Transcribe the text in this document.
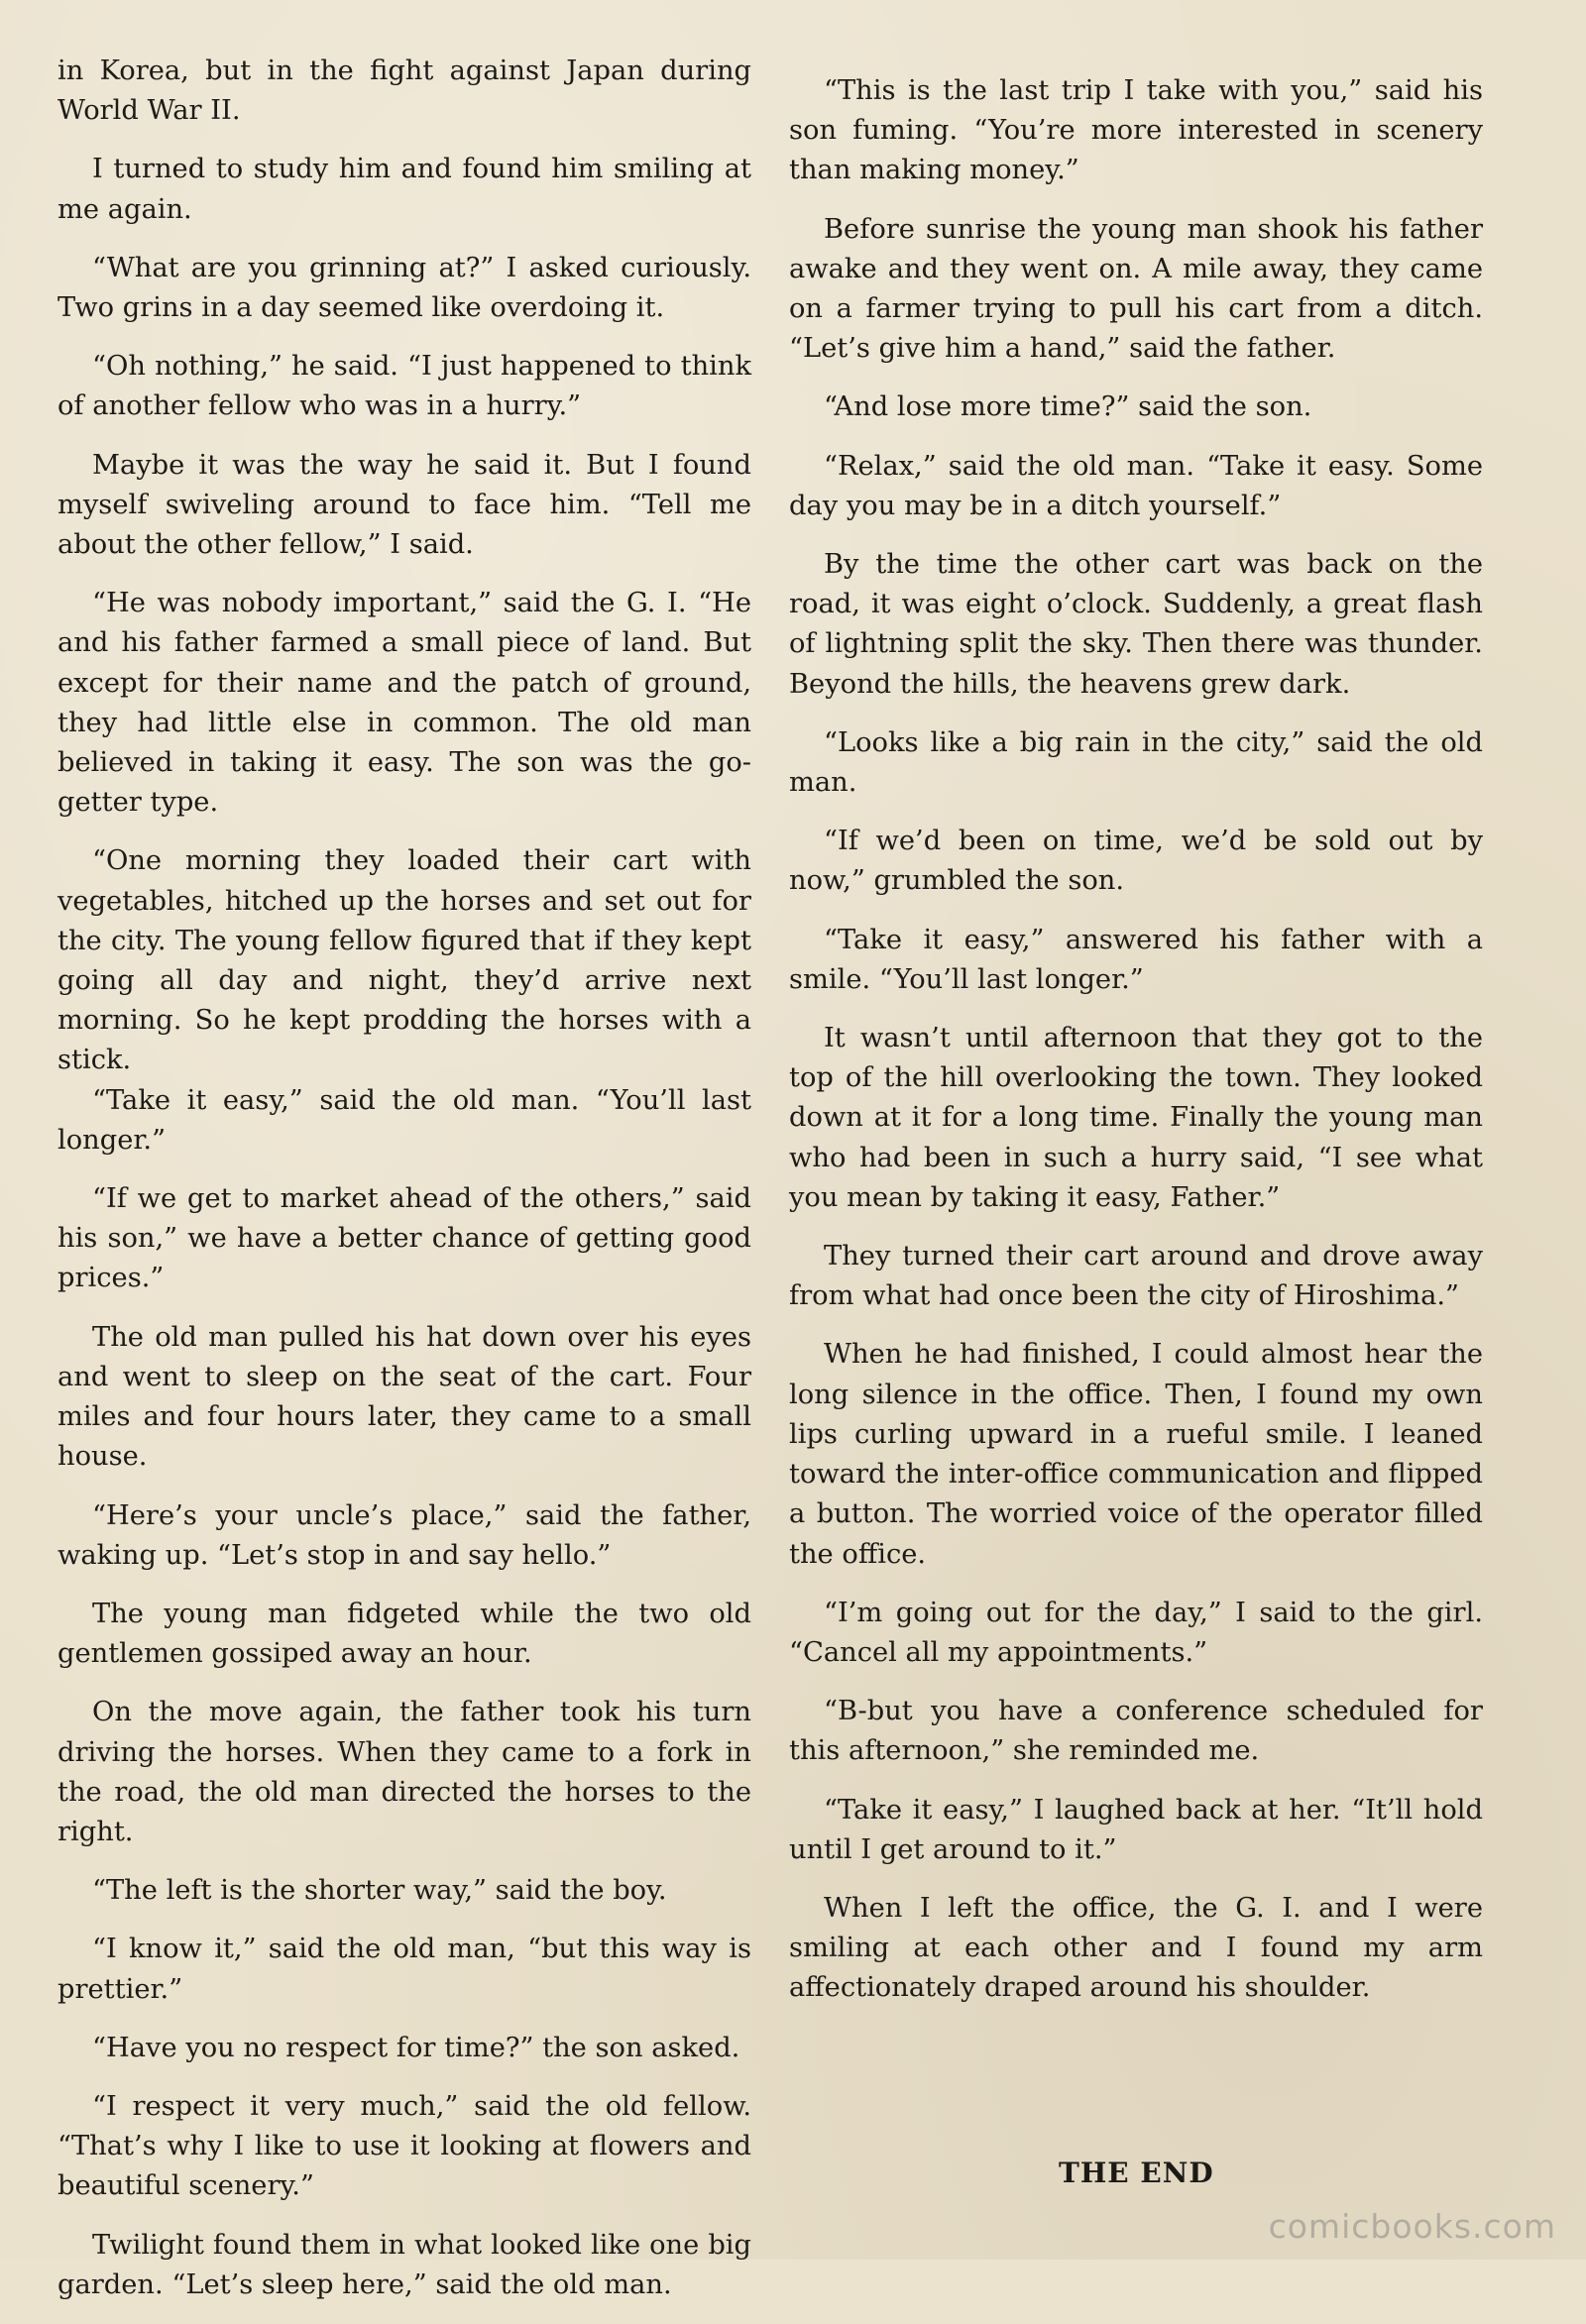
in Korea, but in the fight against Japan during World War II.

I turned to study him and found him smiling at me again.

“What are you grinning at?” I asked curiously. Two grins in a day seemed like overdoing it.

“Oh nothing,” he said. “I just happened to think of another fellow who was in a hurry.”

Maybe it was the way he said it. But I found myself swiveling around to face him. “Tell me about the other fellow,” I said.

“He was nobody important,” said the G. I. “He and his father farmed a small piece of land. But except for their name and the patch of ground, they had little else in common. The old man believed in taking it easy. The son was the go-getter type.

“One morning they loaded their cart with vegetables, hitched up the horses and set out for the city. The young fellow figured that if they kept going all day and night, they’d arrive next morning. So he kept prodding the horses with a stick.

“Take it easy,” said the old man. “You’ll last longer.”

“If we get to market ahead of the others,” said his son,” we have a better chance of getting good prices.”

The old man pulled his hat down over his eyes and went to sleep on the seat of the cart. Four miles and four hours later, they came to a small house.

“Here’s your uncle’s place,” said the father, waking up. “Let’s stop in and say hello.”

The young man fidgeted while the two old gentlemen gossiped away an hour.

On the move again, the father took his turn driving the horses. When they came to a fork in the road, the old man directed the horses to the right.

“The left is the shorter way,” said the boy.

“I know it,” said the old man, “but this way is prettier.”

“Have you no respect for time?” the son asked.

“I respect it very much,” said the old fellow. “That’s why I like to use it looking at flowers and beautiful scenery.”

Twilight found them in what looked like one big garden. “Let’s sleep here,” said the old man.

“This is the last trip I take with you,” said his son fuming. “You’re more interested in scenery than making money.”

Before sunrise the young man shook his father awake and they went on. A mile away, they came on a farmer trying to pull his cart from a ditch. “Let’s give him a hand,” said the father.

“And lose more time?” said the son.

“Relax,” said the old man. “Take it easy. Some day you may be in a ditch yourself.”

By the time the other cart was back on the road, it was eight o’clock. Suddenly, a great flash of lightning split the sky. Then there was thunder. Beyond the hills, the heavens grew dark.

“Looks like a big rain in the city,” said the old man.

“If we’d been on time, we’d be sold out by now,” grumbled the son.

“Take it easy,” answered his father with a smile. “You’ll last longer.”

It wasn’t until afternoon that they got to the top of the hill overlooking the town. They looked down at it for a long time. Finally the young man who had been in such a hurry said, “I see what you mean by taking it easy, Father.”

They turned their cart around and drove away from what had once been the city of Hiroshima.”

When he had finished, I could almost hear the long silence in the office. Then, I found my own lips curling upward in a rueful smile. I leaned toward the inter-office communication and flipped a button. The worried voice of the operator filled the office.

“I’m going out for the day,” I said to the girl. “Cancel all my appointments.”

“B-but you have a conference scheduled for this afternoon,” she reminded me.

“Take it easy,” I laughed back at her. “It’ll hold until I get around to it.”

When I left the office, the G. I. and I were smiling at each other and I found my arm affectionately draped around his shoulder.

THE END
comicbooks.com
